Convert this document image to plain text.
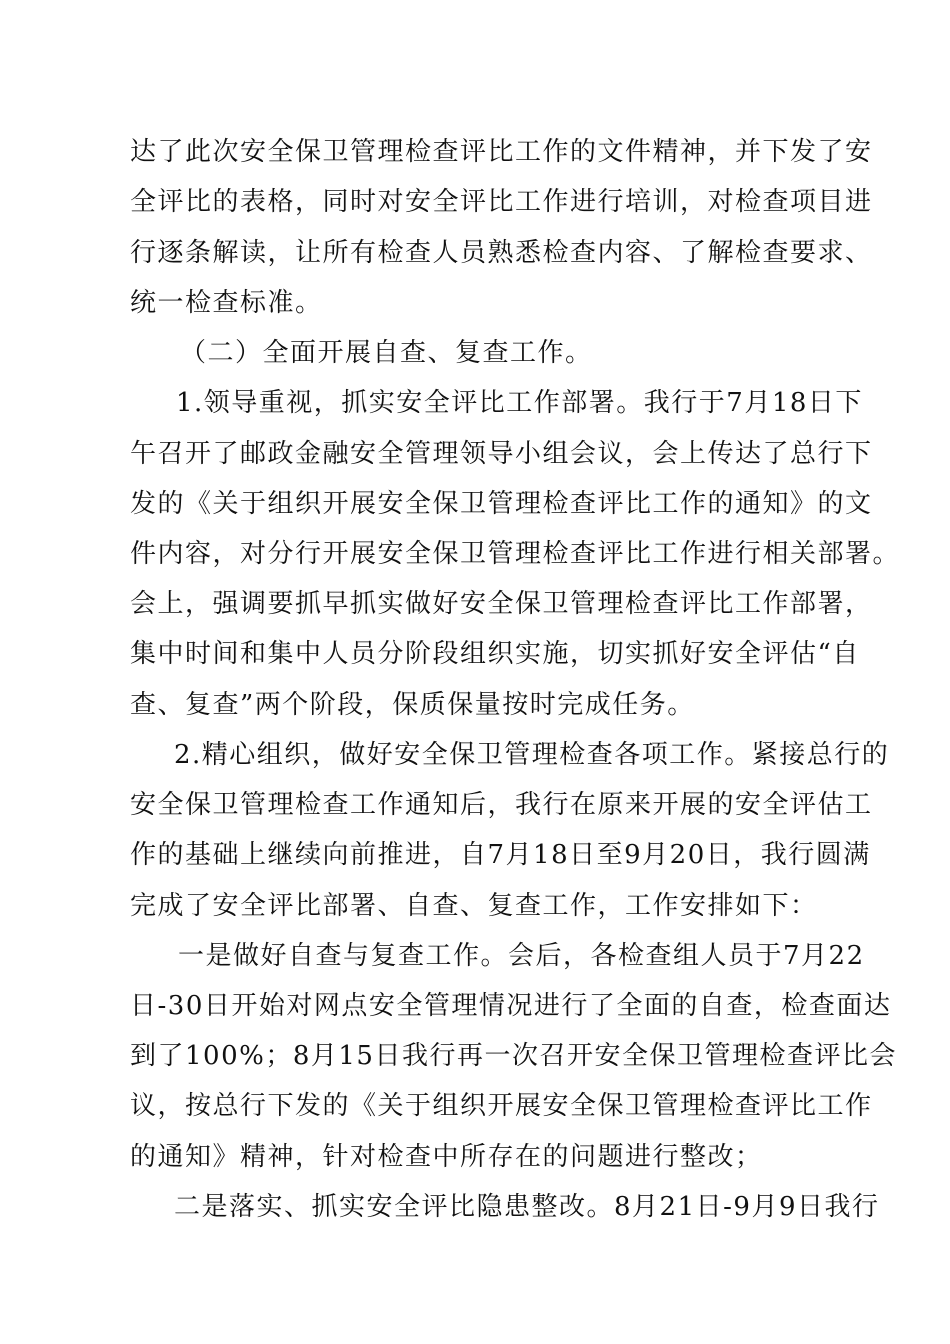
达了此次安全保卫管理检查评比工作的文件精神，并下发了安
全评比的表格，同时对安全评比工作进行培训，对检查项目进
行逐条解读，让所有检查人员熟悉检查内容、了解检查要求、
统一检查标准。
（二）全面开展自查、复查工作。
1.领导重视，抓实安全评比工作部署。我行于7月18日下
午召开了邮政金融安全管理领导小组会议，会上传达了总行下
发的《关于组织开展安全保卫管理检查评比工作的通知》的文
件内容，对分行开展安全保卫管理检查评比工作进行相关部署。
会上，强调要抓早抓实做好安全保卫管理检查评比工作部署，
集中时间和集中人员分阶段组织实施，切实抓好安全评估“自
查、复查”两个阶段，保质保量按时完成任务。
2.精心组织，做好安全保卫管理检查各项工作。紧接总行的
安全保卫管理检查工作通知后，我行在原来开展的安全评估工
作的基础上继续向前推进，自7月18日至9月20日，我行圆满
完成了安全评比部署、自查、复查工作，工作安排如下：
一是做好自查与复查工作。会后，各检查组人员于7月22
日-30日开始对网点安全管理情况进行了全面的自查，检查面达
到了100%；8月15日我行再一次召开安全保卫管理检查评比会
议，按总行下发的《关于组织开展安全保卫管理检查评比工作
的通知》精神，针对检查中所存在的问题进行整改；
二是落实、抓实安全评比隐患整改。8月21日-9月9日我行
